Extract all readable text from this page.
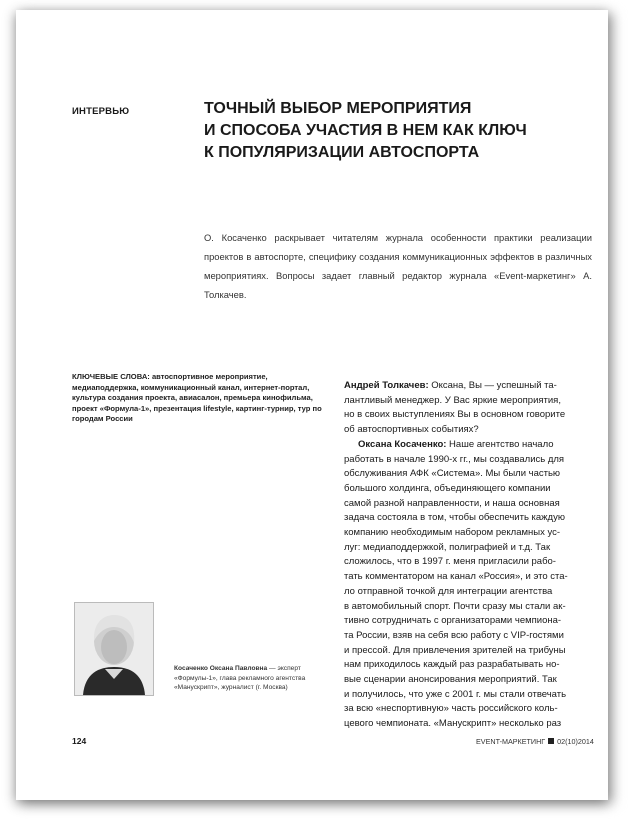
ИНТЕРВЬЮ	ТОЧНЫЙ ВЫБОР МЕРОПРИЯТИЯ
И СПОСОБА УЧАСТИЯ В НЕМ КАК КЛЮЧ
К ПОПУЛЯРИЗАЦИИ АВТОСПОРТА
О. Косаченко раскрывает читателям журнала особенности практики реализации проектов в автоспорте, специфику создания коммуникационных эффектов в различных мероприятиях. Вопросы задает главный редактор журнала «Event-маркетинг» А. Толкачев.
КЛЮЧЕВЫЕ СЛОВА: автоспортивное мероприятие, медиаподдержка, коммуникационный канал, интернет-портал, культура создания проекта, авиасалон, премьера кинофильма, проект «Формула-1», презентация lifestyle, картинг-турнир, тур по городам России
Косаченко Оксана Павловна — эксперт «Формулы-1», глава рекламного агентства «Манускрипт», журналист (г. Москва)
Андрей Толкачев: Оксана, Вы — успешный та-
лантливый менеджер. У Вас яркие мероприятия,
но в своих выступлениях Вы в основном говорите
об автоспортивных событиях?
Оксана Косаченко: Наше агентство начало
работать в начале 1990-х гг., мы создавались для
обслуживания АФК «Система». Мы были частью
большого холдинга, объединяющего компании
самой разной направленности, и наша основная
задача состояла в том, чтобы обеспечить каждую
компанию необходимым набором рекламных ус-
луг: медиаподдержкой, полиграфией и т.д. Так
сложилось, что в 1997 г. меня пригласили рабо-
тать комментатором на канал «Россия», и это ста-
ло отправной точкой для интеграции агентства
в автомобильный спорт. Почти сразу мы стали ак-
тивно сотрудничать с организаторами чемпиона-
та России, взяв на себя всю работу с VIP-гостями
и прессой. Для привлечения зрителей на трибуны
нам приходилось каждый раз разрабатывать но-
вые сценарии анонсирования мероприятий. Так
и получилось, что уже с 2001 г. мы стали отвечать
за всю «неспортивную» часть российского коль-
цевого чемпионата. «Манускрипт» несколько раз
124	EVENT-МАРКЕТИНГ 02(10)2014
